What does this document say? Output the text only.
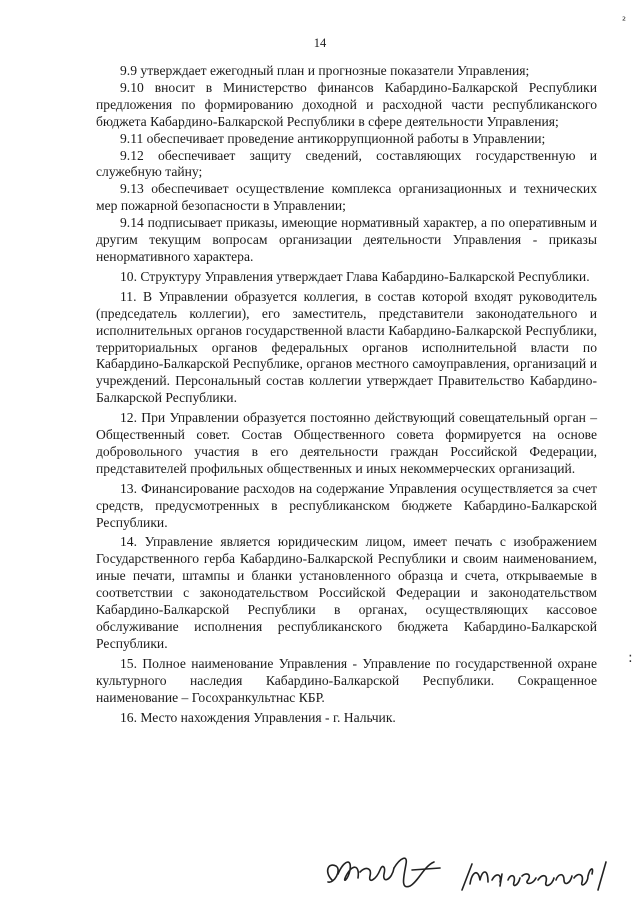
14
²
:

9.9 утверждает ежегодный план и прогнозные показатели Управления;

9.10 вносит в Министерство финансов Кабардино-Балкарской Республики предложения по формированию доходной и расходной части республиканского бюджета Кабардино-Балкарской Республики в сфере деятельности Управления;

9.11 обеспечивает проведение антикоррупционной работы в Управлении;

9.12 обеспечивает защиту сведений, составляющих государственную и служебную тайну;

9.13 обеспечивает осуществление комплекса организационных и технических мер пожарной безопасности в Управлении;

9.14 подписывает приказы, имеющие нормативный характер, а по оперативным и другим текущим вопросам организации деятельности Управления - приказы ненормативного характера.

10. Структуру Управления утверждает Глава Кабардино-Балкарской Республики.

11. В Управлении образуется коллегия, в состав которой входят руководитель (председатель коллегии), его заместитель, представители законодательного и исполнительных органов государственной власти Кабардино-Балкарской Республики, территориальных органов федеральных органов исполнительной власти по Кабардино-Балкарской Республике, органов местного самоуправления, организаций и учреждений. Персональный состав коллегии утверждает Правительство Кабардино-Балкарской Республики.

12. При Управлении образуется постоянно действующий совещательный орган – Общественный совет. Состав Общественного совета формируется на основе добровольного участия в его деятельности граждан Российской Федерации, представителей профильных общественных и иных некоммерческих организаций.

13. Финансирование расходов на содержание Управления осуществляется за счет средств, предусмотренных в республиканском бюджете Кабардино-Балкарской Республики.

14. Управление является юридическим лицом, имеет печать с изображением Государственного герба Кабардино-Балкарской Республики и своим наименованием, иные печати, штампы и бланки установленного образца и счета, открываемые в соответствии с законодательством Российской Федерации и законодательством Кабардино-Балкарской Республики в органах, осуществляющих кассовое обслуживание исполнения республиканского бюджета Кабардино-Балкарской Республики.

15. Полное наименование Управления - Управление по государственной охране культурного наследия Кабардино-Балкарской Республики. Сокращенное наименование – Госохранкультнас КБР.

16. Место нахождения Управления - г. Нальчик.
